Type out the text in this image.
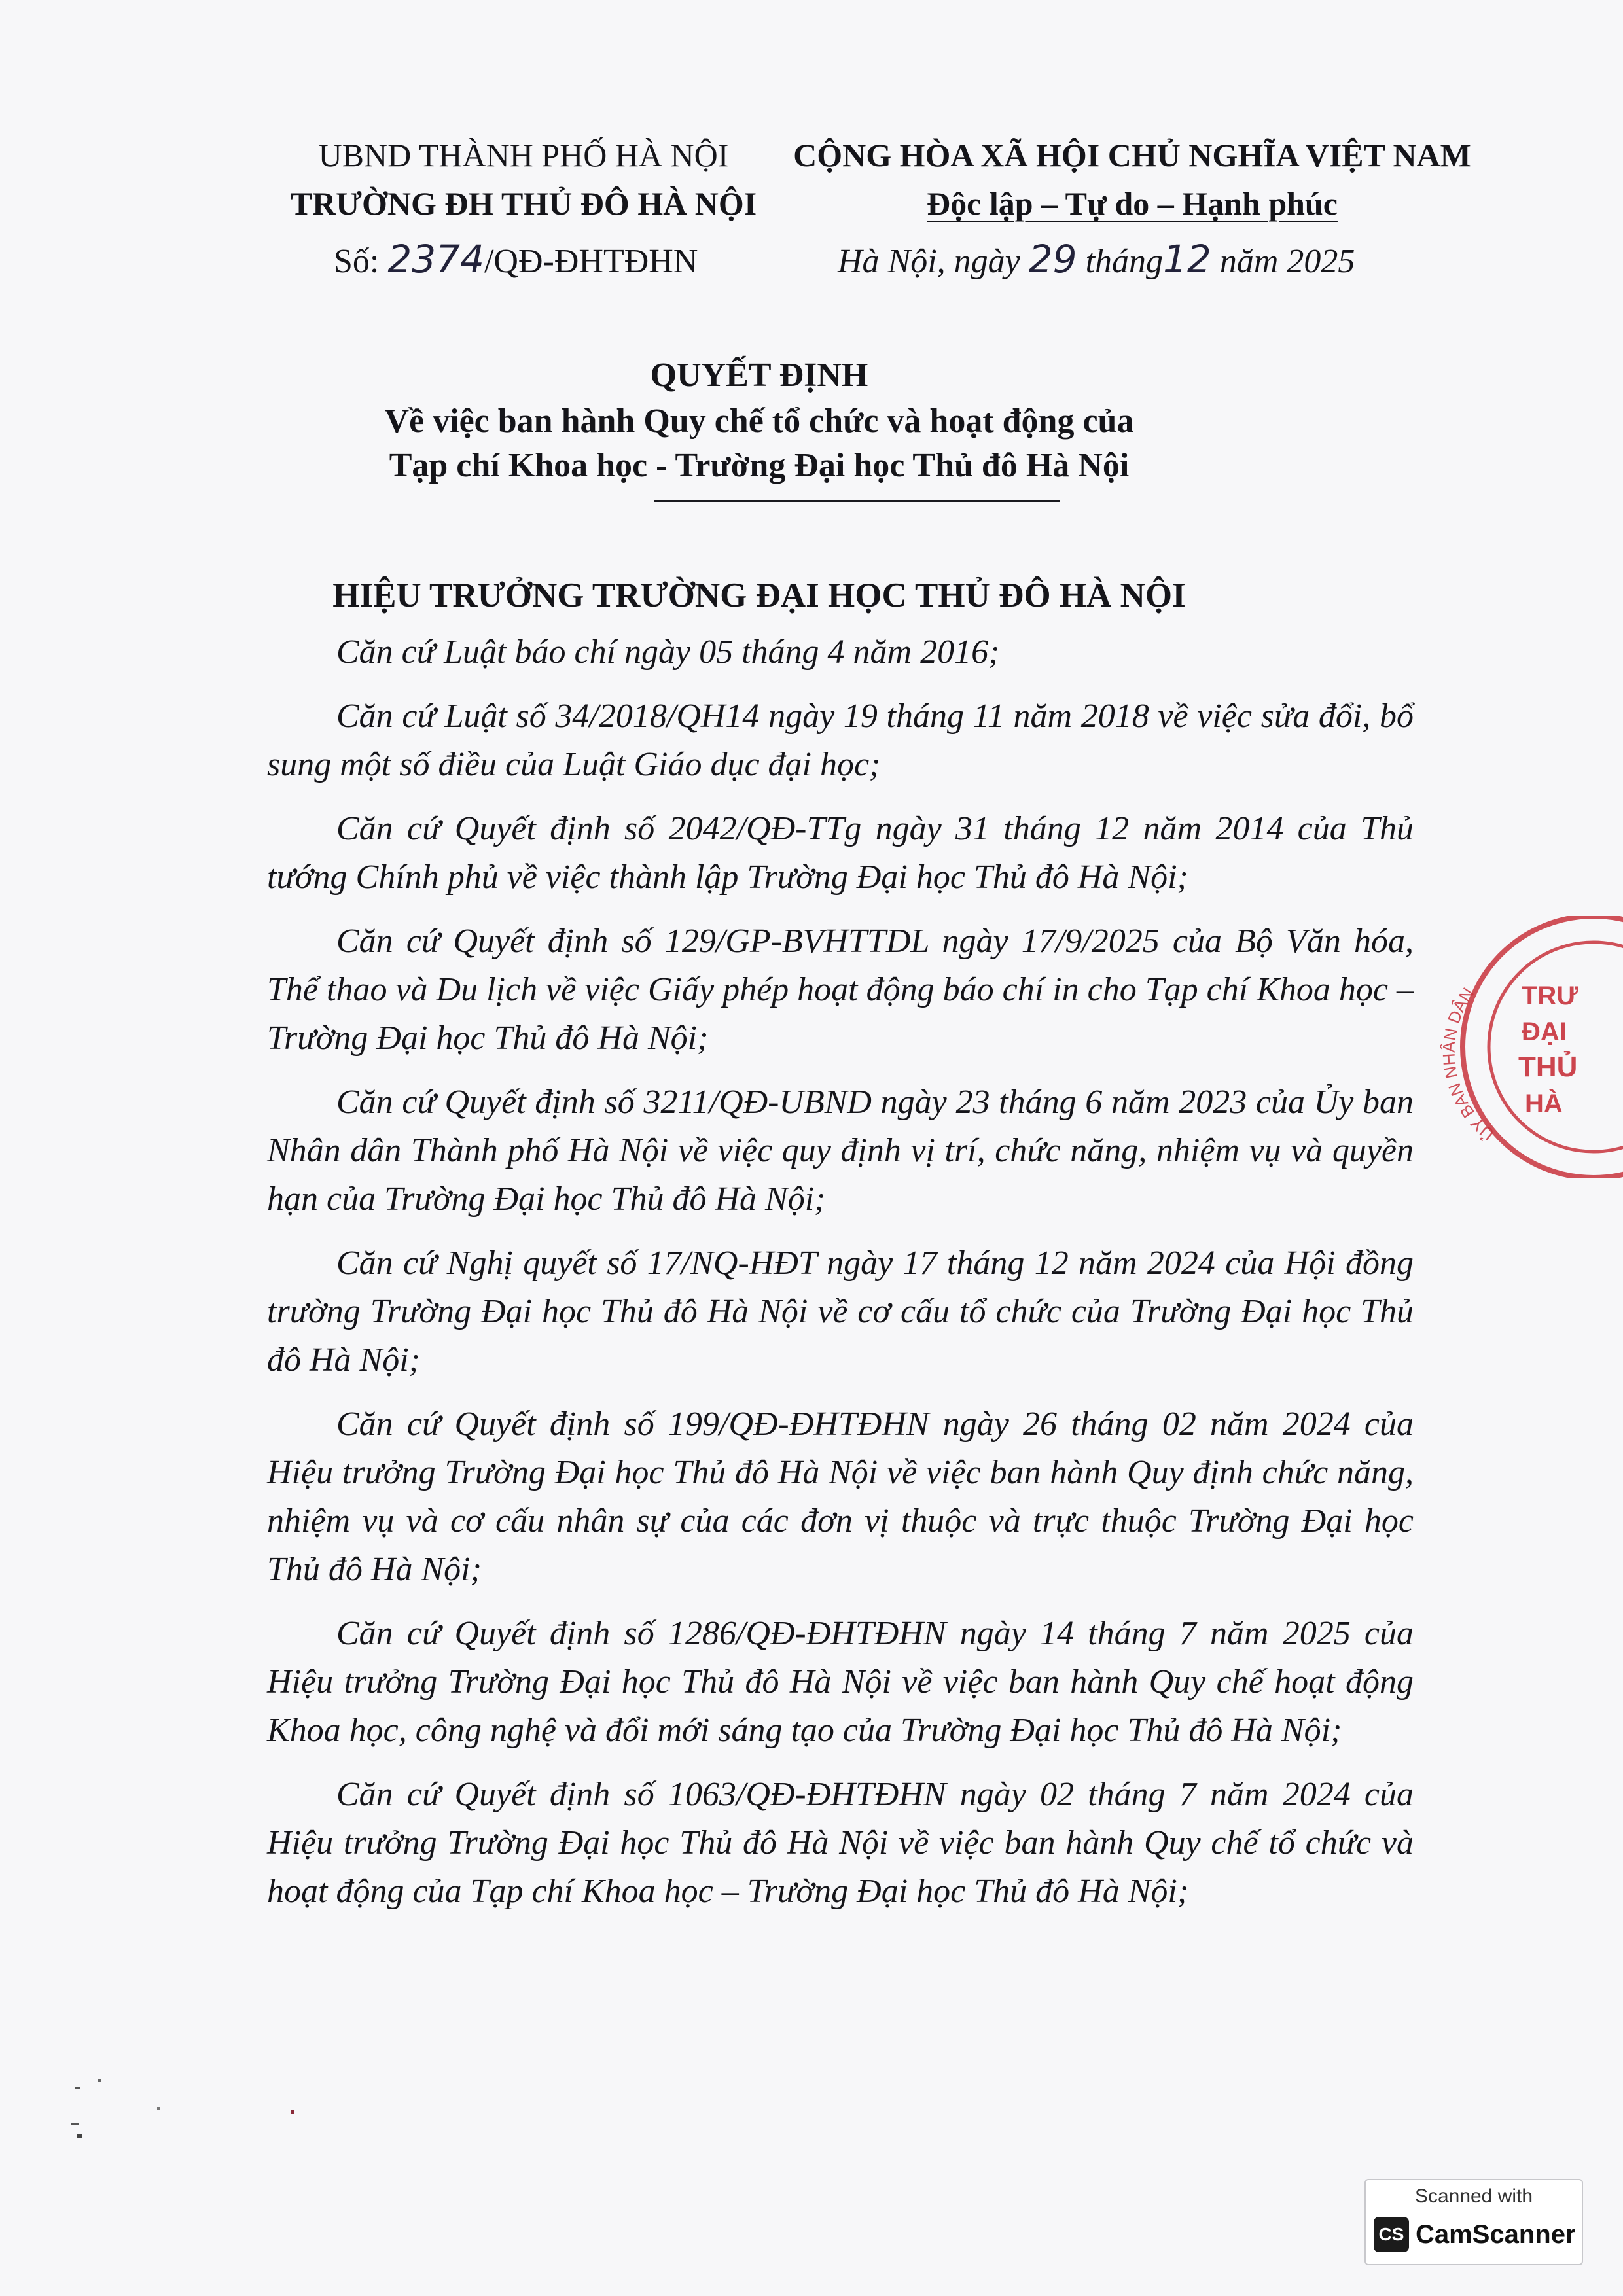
UBND THÀNH PHỐ HÀ NỘI
TRƯỜNG ĐH THỦ ĐÔ HÀ NỘI
CỘNG HÒA XÃ HỘI CHỦ NGHĨA VIỆT NAM
Độc lập – Tự do – Hạnh phúc
Số: 2374/QĐ-ĐHTĐHN	Hà Nội, ngày 29 tháng12 năm 2025
QUYẾT ĐỊNH
Về việc ban hành Quy chế tổ chức và hoạt động của
Tạp chí Khoa học - Trường Đại học Thủ đô Hà Nội
HIỆU TRƯỞNG TRƯỜNG ĐẠI HỌC THỦ ĐÔ HÀ NỘI

Căn cứ Luật báo chí ngày 05 tháng 4 năm 2016;

Căn cứ Luật số 34/2018/QH14 ngày 19 tháng 11 năm 2018 về việc sửa đổi, bổ sung một số điều của Luật Giáo dục đại học;

Căn cứ Quyết định số 2042/QĐ-TTg ngày 31 tháng 12 năm 2014 của Thủ tướng Chính phủ về việc thành lập Trường Đại học Thủ đô Hà Nội;

Căn cứ Quyết định số 129/GP-BVHTTDL ngày 17/9/2025 của Bộ Văn hóa, Thể thao và Du lịch về việc Giấy phép hoạt động báo chí in cho Tạp chí Khoa học – Trường Đại học Thủ đô Hà Nội;

Căn cứ Quyết định số 3211/QĐ-UBND ngày 23 tháng 6 năm 2023 của Ủy ban Nhân dân Thành phố Hà Nội về việc quy định vị trí, chức năng, nhiệm vụ và quyền hạn của Trường Đại học Thủ đô Hà Nội;

Căn cứ Nghị quyết số 17/NQ-HĐT ngày 17 tháng 12 năm 2024 của Hội đồng trường Trường Đại học Thủ đô Hà Nội về cơ cấu tổ chức của Trường Đại học Thủ đô Hà Nội;

Căn cứ Quyết định số 199/QĐ-ĐHTĐHN ngày 26 tháng 02 năm 2024 của Hiệu trưởng Trường Đại học Thủ đô Hà Nội về việc ban hành Quy định chức năng, nhiệm vụ và cơ cấu nhân sự của các đơn vị thuộc và trực thuộc Trường Đại học Thủ đô Hà Nội;

Căn cứ Quyết định số 1286/QĐ-ĐHTĐHN ngày 14 tháng 7 năm 2025 của Hiệu trưởng Trường Đại học Thủ đô Hà Nội về việc ban hành Quy chế hoạt động Khoa học, công nghệ và đổi mới sáng tạo của Trường Đại học Thủ đô Hà Nội;

Căn cứ Quyết định số 1063/QĐ-ĐHTĐHN ngày 02 tháng 7 năm 2024 của Hiệu trưởng Trường Đại học Thủ đô Hà Nội về việc ban hành Quy chế tổ chức và hoạt động của Tạp chí Khoa học – Trường Đại học Thủ đô Hà Nội;

ỦY BAN NHÂN DÂN	TRƯ
ĐẠI
THỦ
HÀ
Scanned with
CS CamScanner
